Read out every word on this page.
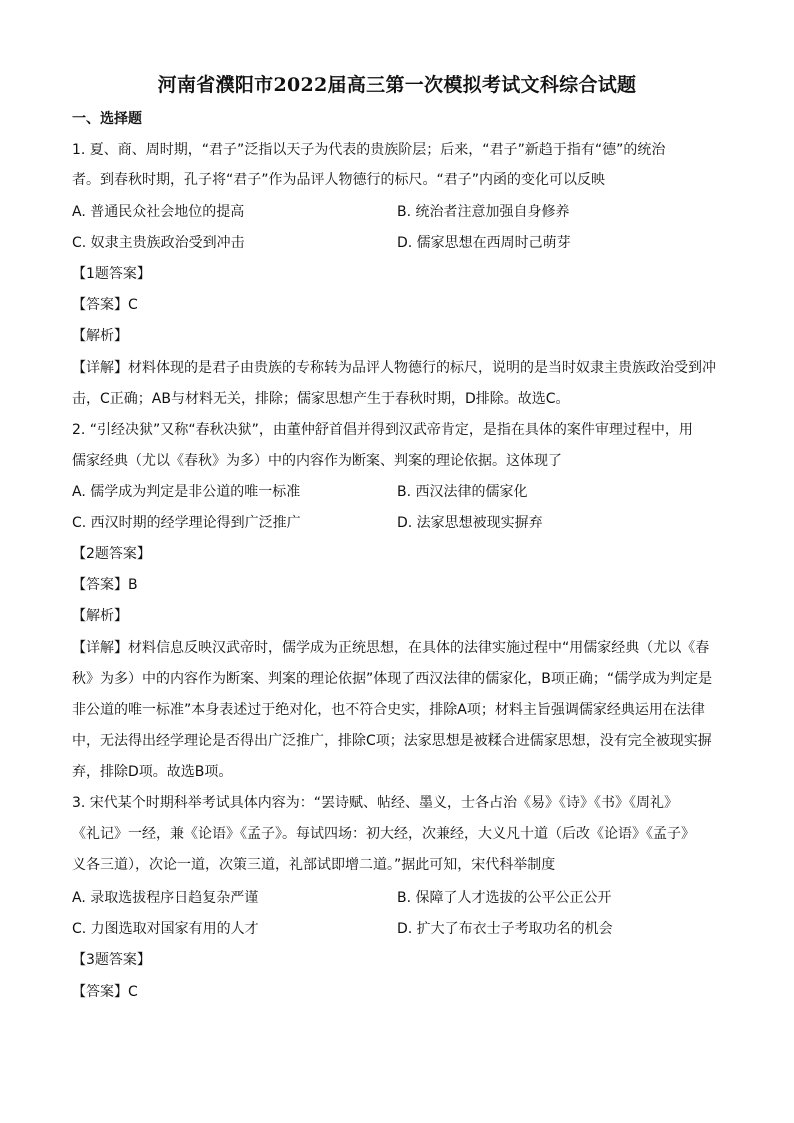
河南省濮阳市2022届高三第一次模拟考试文科综合试题
一、选择题
1. 夏、商、周时期，“君子”泛指以天子为代表的贵族阶层；后来，“君子”新趋于指有“德”的统治
者。到春秋时期，孔子将“君子”作为品评人物德行的标尺。“君子”内函的变化可以反映
A. 普通民众社会地位的提高	B. 统治者注意加强自身修养
C. 奴隶主贵族政治受到冲击	D. 儒家思想在西周时己萌芽
【1题答案】
【答案】C
【解析】
【详解】材料体现的是君子由贵族的专称转为品评人物德行的标尺，说明的是当时奴隶主贵族政治受到冲
击，C正确；AB与材料无关，排除；儒家思想产生于春秋时期，D排除。故选C。
2. “引经决狱”又称“春秋决狱”，由董仲舒首倡并得到汉武帝肯定，是指在具体的案件审理过程中，用
儒家经典（尤以《春秋》为多）中的内容作为断案、判案的理论依据。这体现了
A. 儒学成为判定是非公道的唯一标准	B. 西汉法律的儒家化
C. 西汉时期的经学理论得到广泛推广	D. 法家思想被现实摒弃
【2题答案】
【答案】B
【解析】
【详解】材料信息反映汉武帝时，儒学成为正统思想，在具体的法律实施过程中“用儒家经典（尤以《春
秋》为多）中的内容作为断案、判案的理论依据”体现了西汉法律的儒家化，B项正确；“儒学成为判定是
非公道的唯一标准”本身表述过于绝对化，也不符合史实，排除A项；材料主旨强调儒家经典运用在法律
中，无法得出经学理论是否得出广泛推广，排除C项；法家思想是被糅合进儒家思想，没有完全被现实摒
弃，排除D项。故选B项。
3. 宋代某个时期科举考试具体内容为：“罢诗赋、帖经、墨义，士各占治《易》《诗》《书》《周礼》
《礼记》一经，兼《论语》《孟子》。每试四场：初大经，次兼经，大义凡十道（后改《论语》《孟子》
义各三道），次论一道，次策三道，礼部试即增二道。”据此可知，宋代科举制度
A. 录取选拔程序日趋复杂严谨	B. 保障了人才选拔的公平公正公开
C. 力图选取对国家有用的人才	D. 扩大了布衣士子考取功名的机会
【3题答案】
【答案】C
